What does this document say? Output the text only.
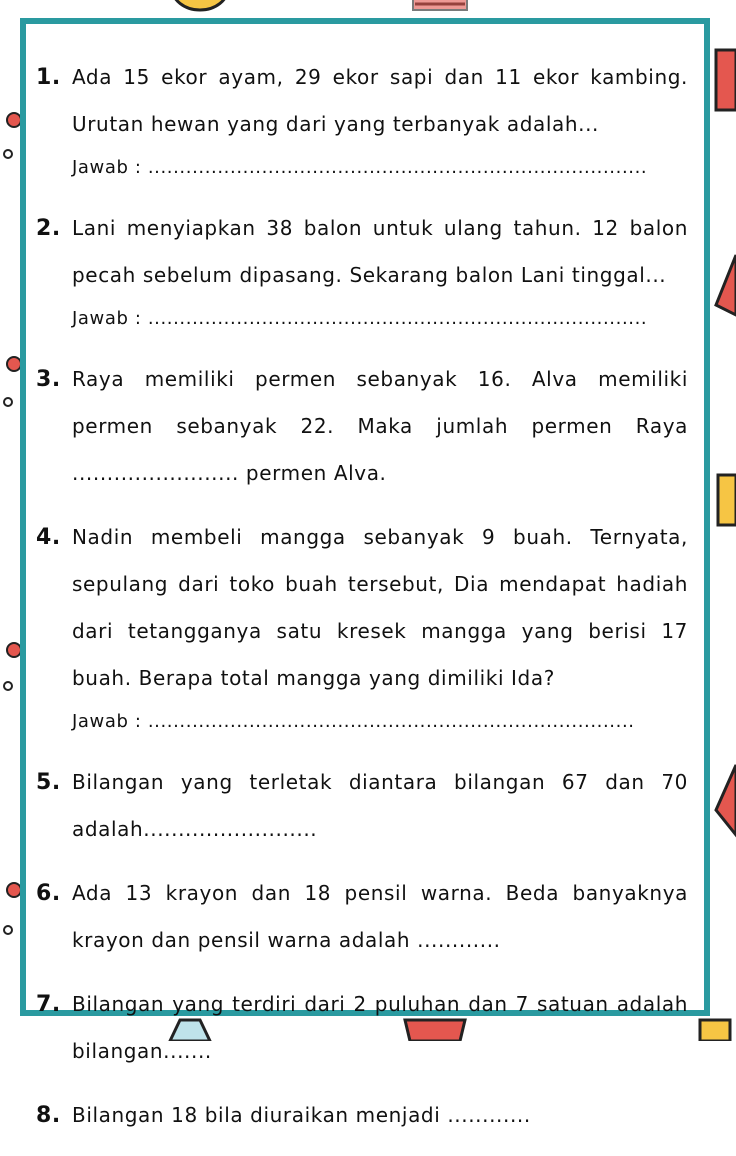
1. Ada 15 ekor ayam, 29 ekor sapi dan 11 ekor kambing. Urutan hewan yang dari yang terbanyak adalah...
Jawab : ...............................................................................
2. Lani menyiapkan 38 balon untuk ulang tahun. 12 balon pecah sebelum dipasang. Sekarang balon Lani tinggal...
Jawab : ...............................................................................
3. Raya memiliki permen sebanyak 16. Alva memiliki permen sebanyak 22. Maka jumlah permen Raya ........................ permen Alva.
4. Nadin membeli mangga sebanyak 9 buah. Ternyata, sepulang dari toko buah tersebut, Dia mendapat hadiah dari tetangganya satu kresek mangga yang berisi 17 buah. Berapa total mangga yang dimiliki Ida?
Jawab : .............................................................................
5. Bilangan yang terletak diantara bilangan 67 dan 70 adalah.........................
6. Ada 13 krayon dan 18 pensil warna. Beda banyaknya krayon dan pensil warna adalah ............
7. Bilangan yang terdiri dari 2 puluhan dan 7 satuan adalah bilangan.......
8. Bilangan 18 bila diuraikan menjadi ............
